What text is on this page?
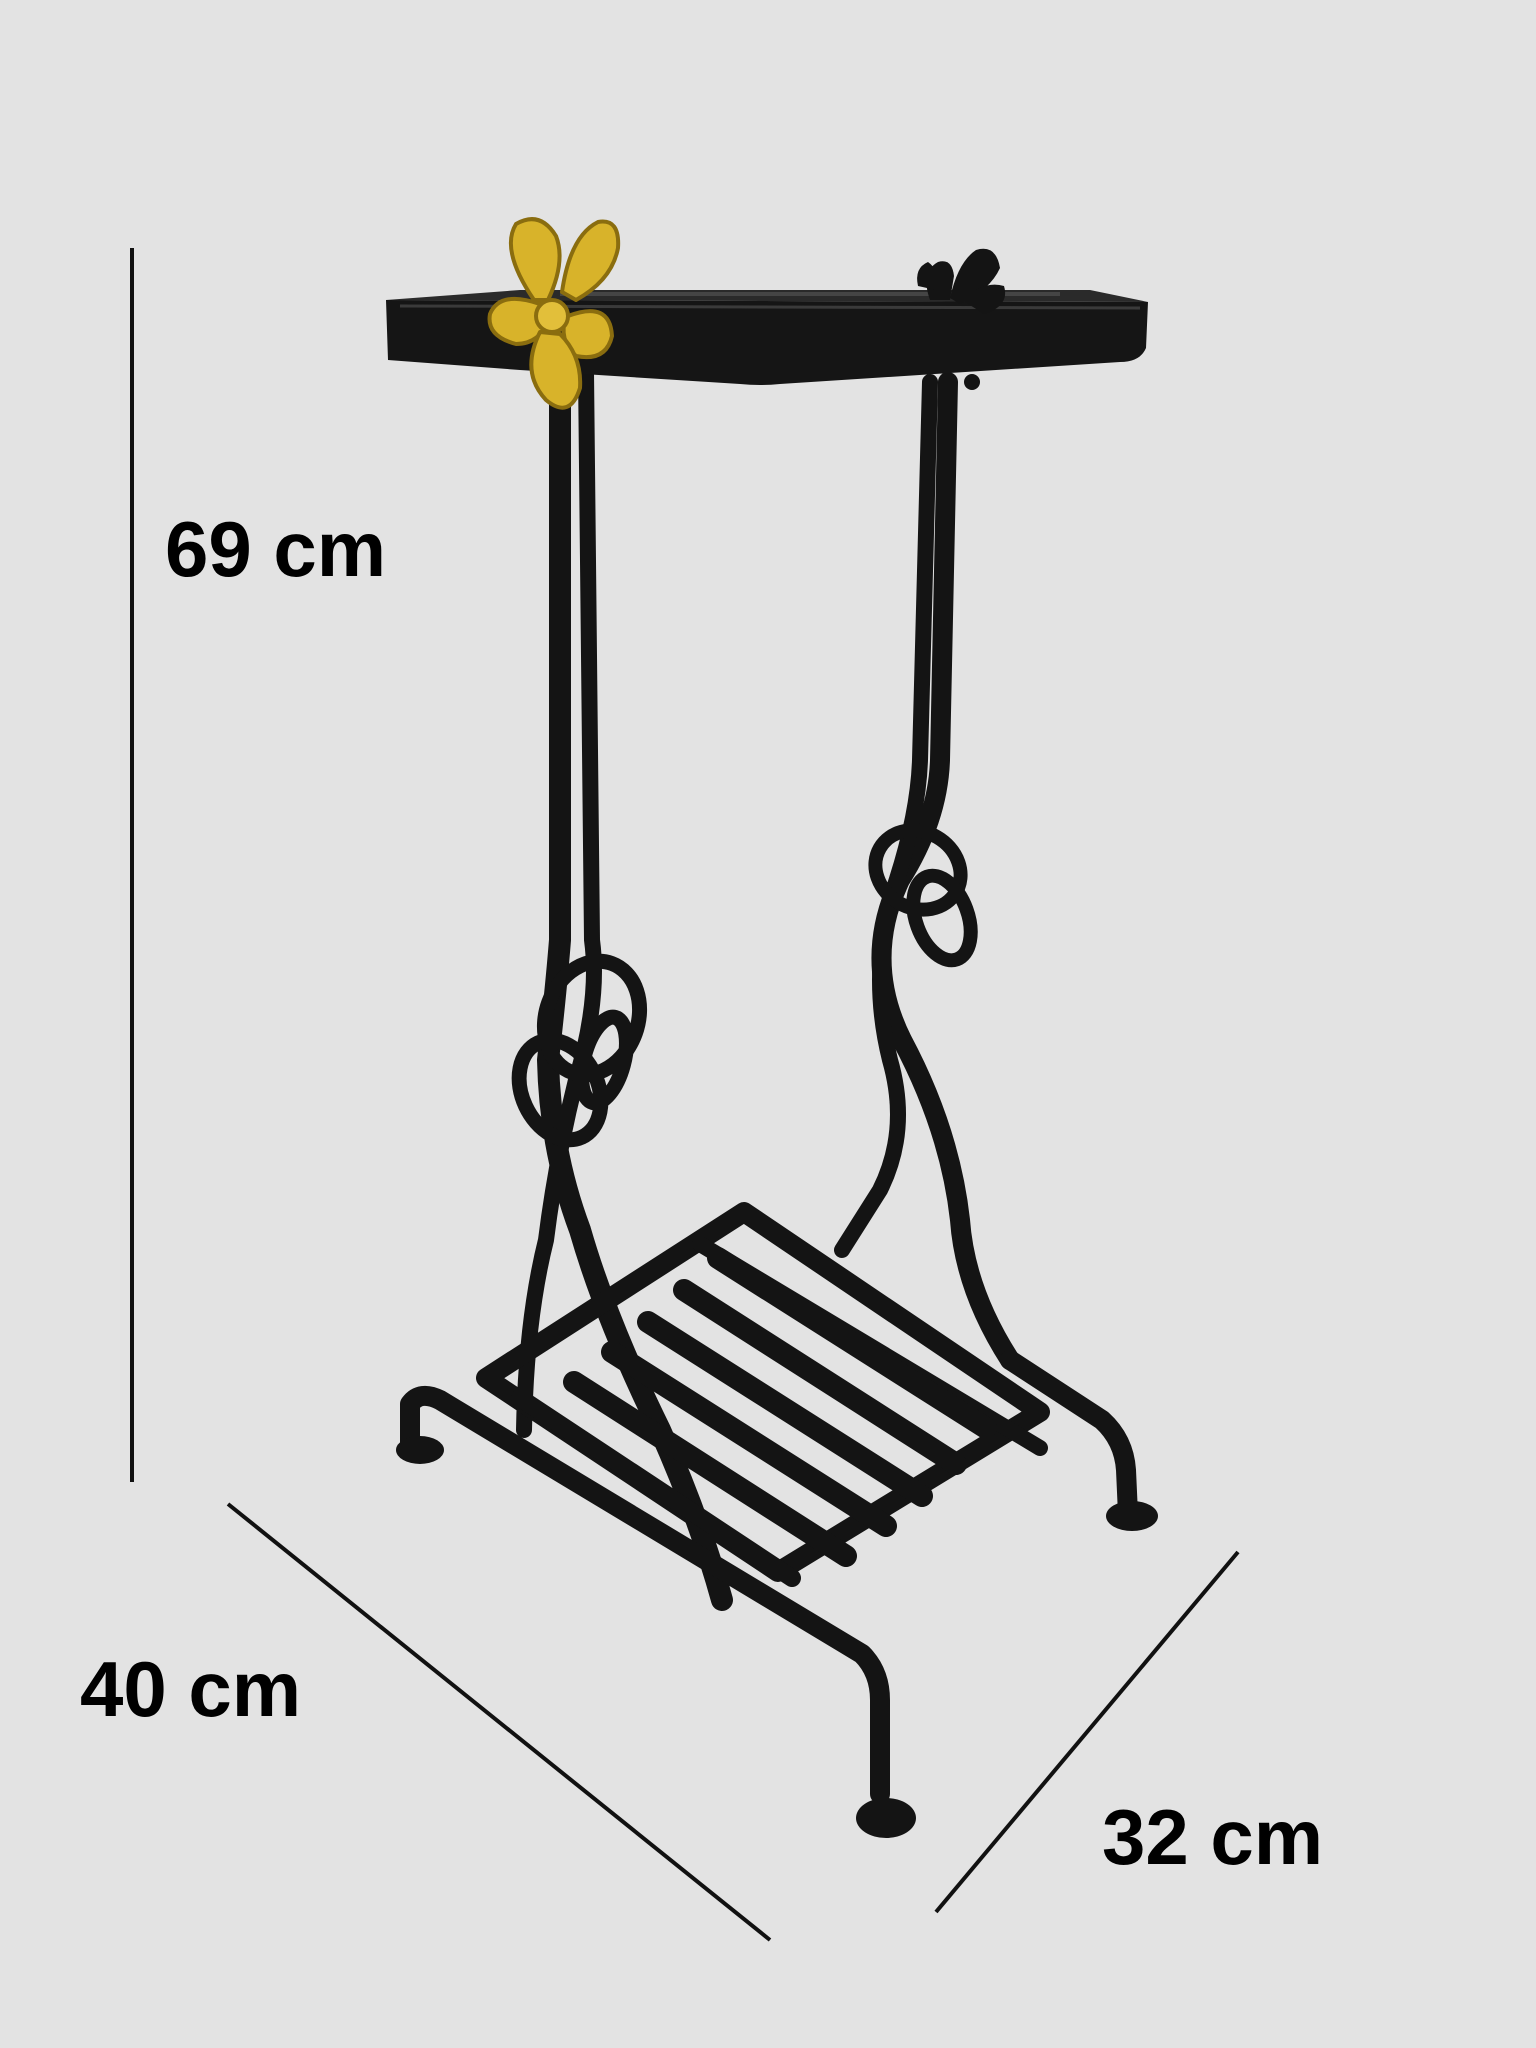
69 cm
40 cm
32 cm
